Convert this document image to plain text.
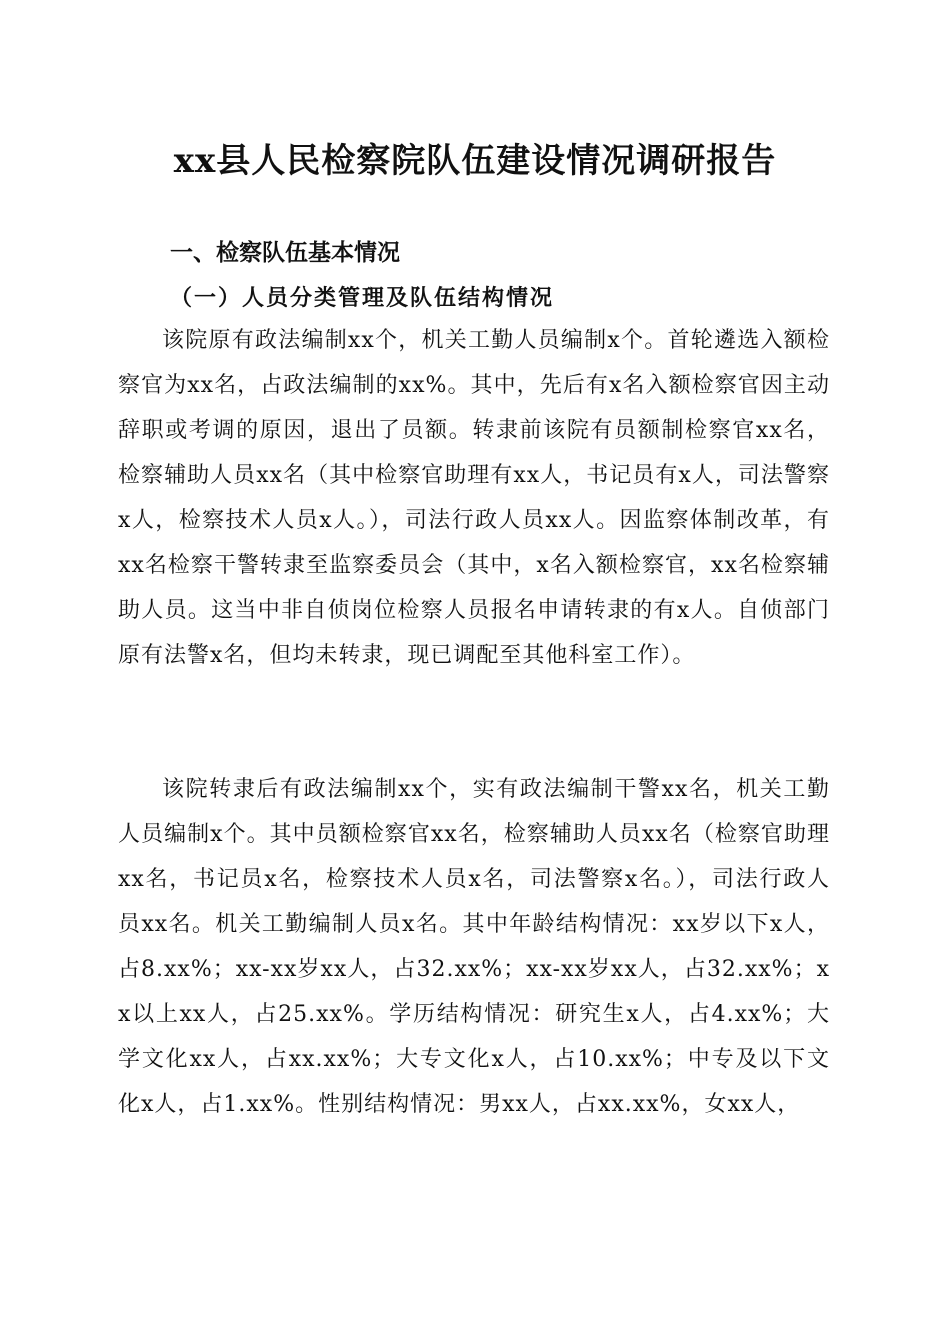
xx县人民检察院队伍建设情况调研报告
一、检察队伍基本情况
（一）人员分类管理及队伍结构情况

该院原有政法编制xx个，机关工勤人员编制x个。首轮遴选入额检察官为xx名，占政法编制的xx%。其中，先后有x名入额检察官因主动辞职或考调的原因，退出了员额。转隶前该院有员额制检察官xx名，检察辅助人员xx名（其中检察官助理有xx人，书记员有x人，司法警察x人，检察技术人员x人。），司法行政人员xx人。因监察体制改革，有xx名检察干警转隶至监察委员会（其中，x名入额检察官，xx名检察辅助人员。这当中非自侦岗位检察人员报名申请转隶的有x人。自侦部门原有法警x名，但均未转隶，现已调配至其他科室工作）。

该院转隶后有政法编制xx个，实有政法编制干警xx名，机关工勤人员编制x个。其中员额检察官xx名，检察辅助人员xx名（检察官助理xx名，书记员x名，检察技术人员x名，司法警察x名。），司法行政人员xx名。机关工勤编制人员x名。其中年龄结构情况：xx岁以下x人，占8.xx%；xx-xx岁xx人，占32.xx%；xx-xx岁xx人，占32.xx%；xx以上xx人，占25.xx%。学历结构情况：研究生x人，占4.xx%；大学文化xx人，占xx.xx%；大专文化x人，占10.xx%；中专及以下文化x人，占1.xx%。性别结构情况：男xx人，占xx.xx%，女xx人，
